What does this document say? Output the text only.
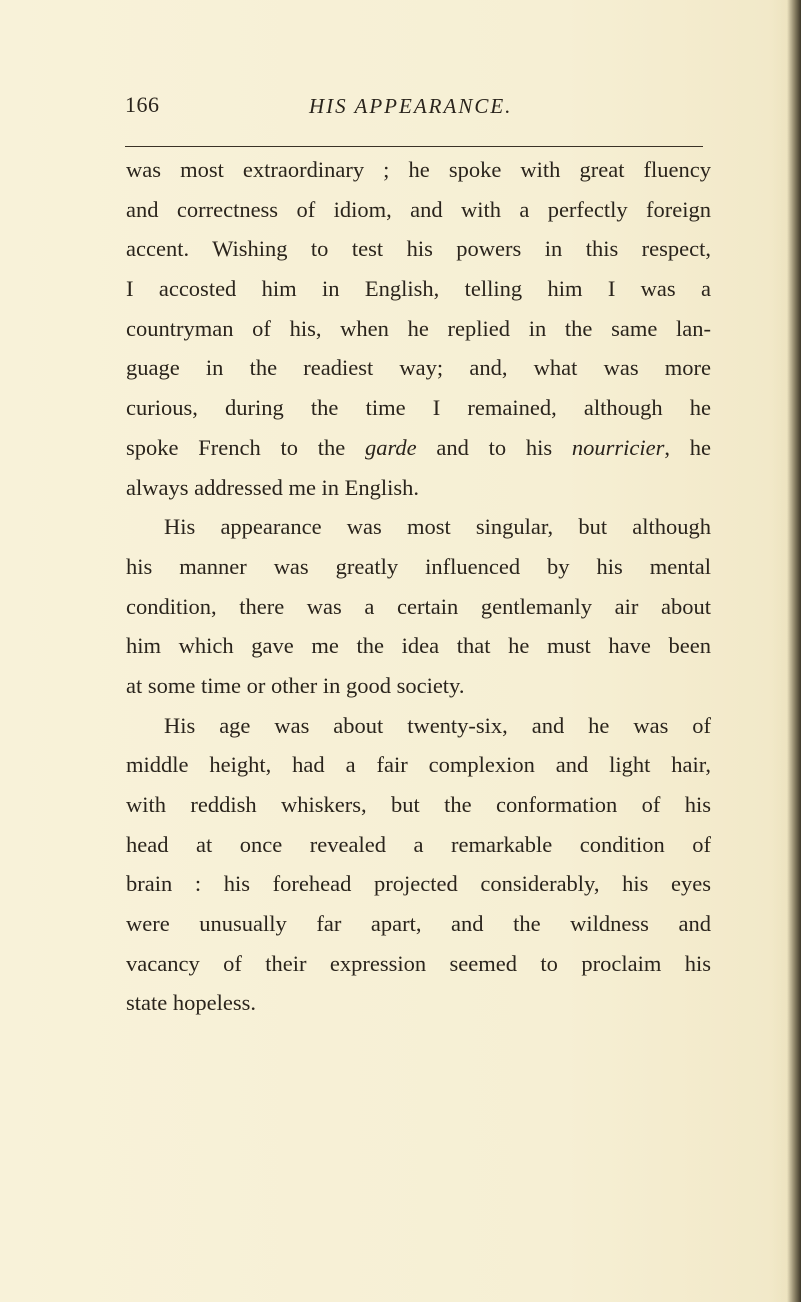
166	HIS APPEARANCE.
was most extraordinary ; he spoke with great fluency
and correctness of idiom, and with a perfectly foreign
accent. Wishing to test his powers in this respect,
I accosted him in English, telling him I was a
countryman of his, when he replied in the same lan-
guage in the readiest way; and, what was more
curious, during the time I remained, although he
spoke French to the garde and to his nourricier, he
always addressed me in English.
His appearance was most singular, but although
his manner was greatly influenced by his mental
condition, there was a certain gentlemanly air about
him which gave me the idea that he must have been
at some time or other in good society.
His age was about twenty-six, and he was of
middle height, had a fair complexion and light hair,
with reddish whiskers, but the conformation of his
head at once revealed a remarkable condition of
brain : his forehead projected considerably, his eyes
were unusually far apart, and the wildness and
vacancy of their expression seemed to proclaim his
state hopeless.
